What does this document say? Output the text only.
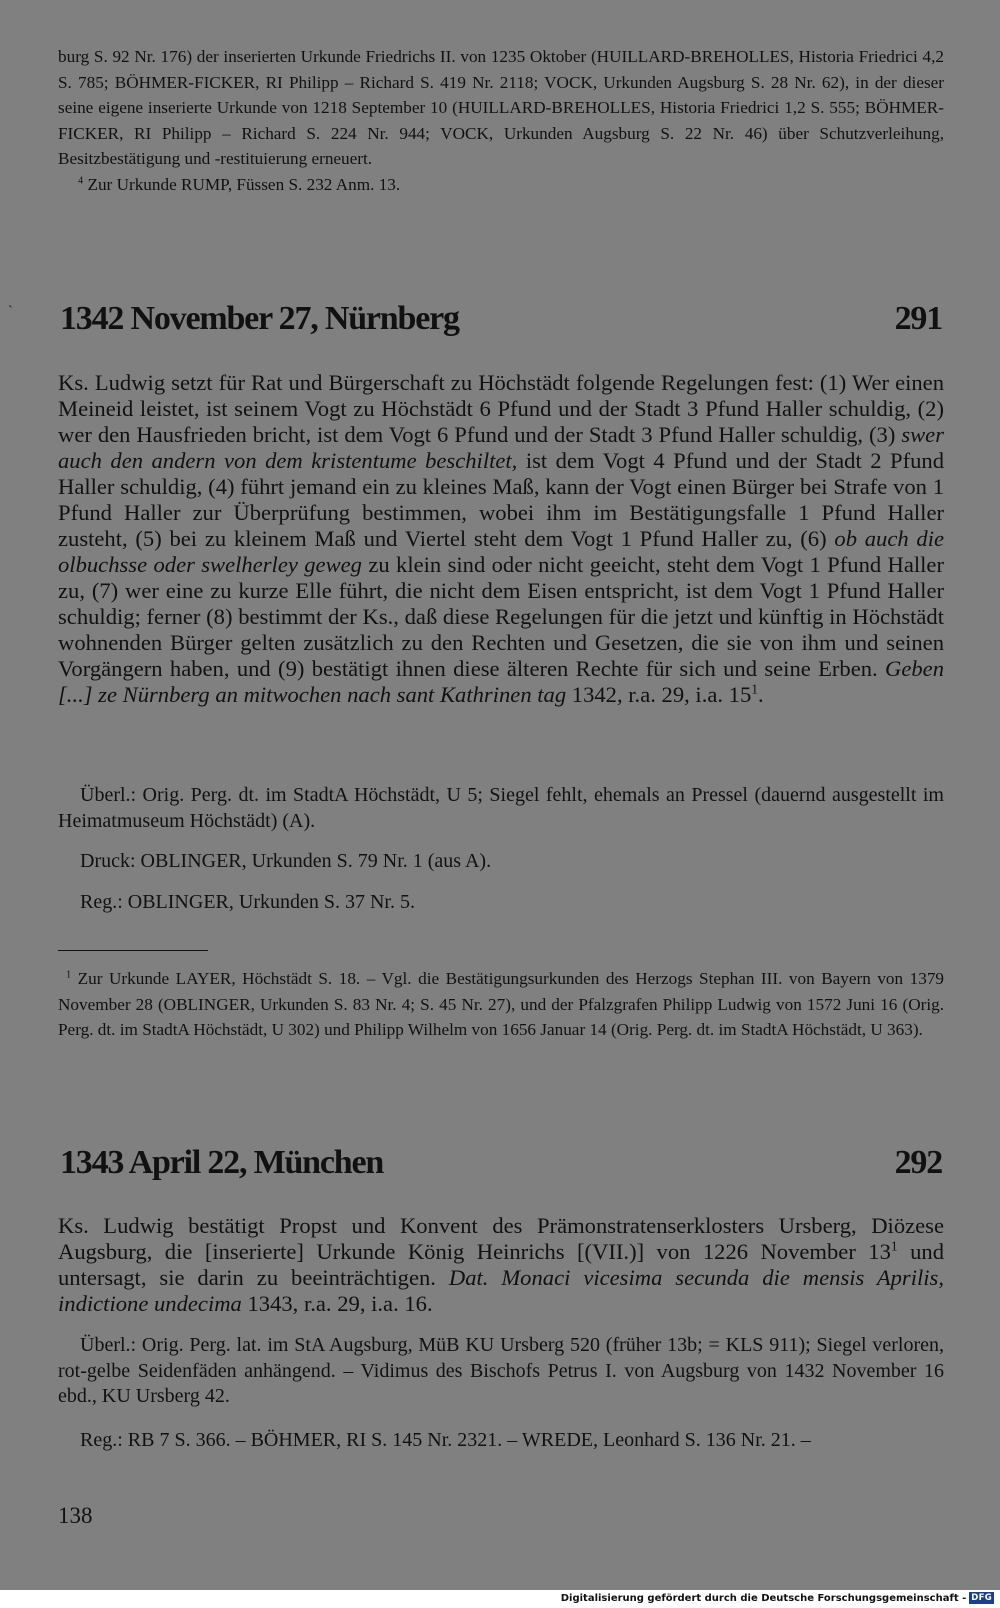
`

burg S. 92 Nr. 176) der inserierten Urkunde Friedrichs II. von 1235 Oktober (HUILLARD-BREHOLLES, Historia Friedrici 4,2 S. 785; BÖHMER-FICKER, RI Philipp – Richard S. 419 Nr. 2118; VOCK, Urkunden Augsburg S. 28 Nr. 62), in der dieser seine eigene inserierte Urkunde von 1218 September 10 (HUILLARD-BREHOLLES, Historia Friedrici 1,2 S. 555; BÖHMER-FICKER, RI Philipp – Richard S. 224 Nr. 944; VOCK, Urkunden Augsburg S. 22 Nr. 46) über Schutzverleihung, Besitzbestätigung und -restituierung erneuert.

$^4$ Zur Urkunde RUMP, Füssen S. 232 Anm. 13.

1342 November 27, Nürnberg	291

Ks. Ludwig setzt für Rat und Bürgerschaft zu Höchstädt folgende Regelungen fest: (1) Wer einen Meineid leistet, ist seinem Vogt zu Höchstädt 6 Pfund und der Stadt 3 Pfund Haller schuldig, (2) wer den Hausfrieden bricht, ist dem Vogt 6 Pfund und der Stadt 3 Pfund Haller schuldig, (3) swer auch den andern von dem kristentume beschiltet, ist dem Vogt 4 Pfund und der Stadt 2 Pfund Haller schuldig, (4) führt jemand ein zu kleines Maß, kann der Vogt einen Bürger bei Strafe von 1 Pfund Haller zur Überprüfung bestimmen, wobei ihm im Bestätigungsfalle 1 Pfund Haller zusteht, (5) bei zu kleinem Maß und Viertel steht dem Vogt 1 Pfund Haller zu, (6) ob auch die olbuchsse oder swelherley geweg zu klein sind oder nicht geeicht, steht dem Vogt 1 Pfund Haller zu, (7) wer eine zu kurze Elle führt, die nicht dem Eisen entspricht, ist dem Vogt 1 Pfund Haller schuldig; ferner (8) bestimmt der Ks., daß diese Regelungen für die jetzt und künftig in Höchstädt wohnenden Bürger gelten zusätzlich zu den Rechten und Gesetzen, die sie von ihm und seinen Vorgängern haben, und (9) bestätigt ihnen diese älteren Rechte für sich und seine Erben. Geben [...] ze Nürnberg an mitwochen nach sant Kathrinen tag 1342, r.a. 29, i.a. $15^1$.

Überl.: Orig. Perg. dt. im StadtA Höchstädt, U 5; Siegel fehlt, ehemals an Pressel (dauernd ausgestellt im Heimatmuseum Höchstädt) (A).

Druck: OBLINGER, Urkunden S. 79 Nr. 1 (aus A).

Reg.: OBLINGER, Urkunden S. 37 Nr. 5.

$^1$ Zur Urkunde LAYER, Höchstädt S. 18. – Vgl. die Bestätigungsurkunden des Herzogs Stephan III. von Bayern von 1379 November 28 (OBLINGER, Urkunden S. 83 Nr. 4; S. 45 Nr. 27), und der Pfalzgrafen Philipp Ludwig von 1572 Juni 16 (Orig. Perg. dt. im StadtA Höchstädt, U 302) und Philipp Wilhelm von 1656 Januar 14 (Orig. Perg. dt. im StadtA Höchstädt, U 363).

1343 April 22, München	292

Ks. Ludwig bestätigt Propst und Konvent des Prämonstratenserklosters Ursberg, Diözese Augsburg, die [inserierte] Urkunde König Heinrichs [(VII.)] von 1226 November $13^1$ und untersagt, sie darin zu beeinträchtigen. Dat. Monaci vicesima secunda die mensis Aprilis, indictione undecima 1343, r.a. 29, i.a. 16.

Überl.: Orig. Perg. lat. im StA Augsburg, MüB KU Ursberg 520 (früher 13b; = KLS 911); Siegel verloren, rot-gelbe Seidenfäden anhängend. – Vidimus des Bischofs Petrus I. von Augsburg von 1432 November 16 ebd., KU Ursberg 42.

Reg.: RB 7 S. 366. – BÖHMER, RI S. 145 Nr. 2321. – WREDE, Leonhard S. 136 Nr. 21. –

138
Digitalisierung gefördert durch die Deutsche Forschungsgemeinschaft - DFG
